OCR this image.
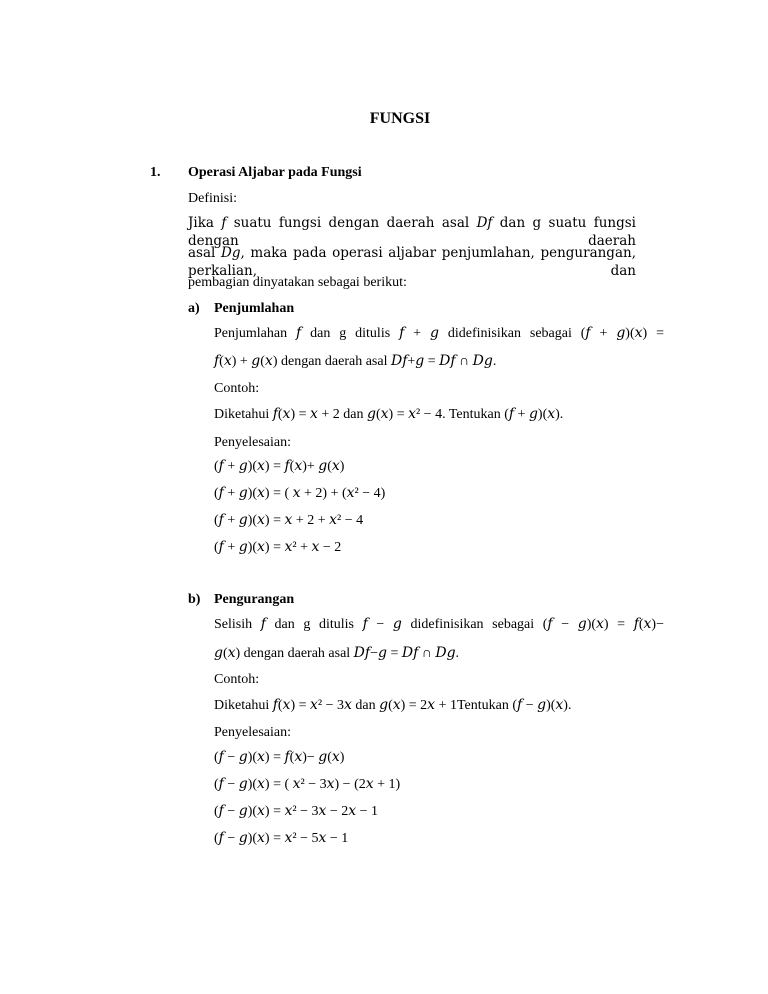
FUNGSI
1. Operasi Aljabar pada Fungsi
Definisi:
Jika 𝑓 suatu fungsi dengan daerah asal 𝐷𝑓 dan g suatu fungsi dengan daerah
asal 𝐷𝑔, maka pada operasi aljabar penjumlahan, pengurangan, perkalian, dan
pembagian dinyatakan sebagai berikut:
a) Penjumlahan
Penjumlahan 𝑓 dan g ditulis 𝑓 + 𝑔 didefinisikan sebagai (𝑓 + 𝑔)(𝑥) =
𝑓(𝑥) + 𝑔(𝑥) dengan daerah asal 𝐷𝑓+𝑔 = 𝐷𝑓 ∩ 𝐷𝑔.
Contoh:
Diketahui 𝑓(𝑥) = 𝑥 + 2 dan 𝑔(𝑥) = 𝑥² − 4. Tentukan (𝑓 + 𝑔)(𝑥).
Penyelesaian:
(𝑓 + 𝑔)(𝑥) = 𝑓(𝑥)+ 𝑔(𝑥)
(𝑓 + 𝑔)(𝑥) = ( 𝑥 + 2) + (𝑥² − 4)
(𝑓 + 𝑔)(𝑥) = 𝑥 + 2 + 𝑥² − 4
(𝑓 + 𝑔)(𝑥) = 𝑥² + 𝑥 − 2
b) Pengurangan
Selisih 𝑓 dan g ditulis 𝑓 − 𝑔 didefinisikan sebagai (𝑓 − 𝑔)(𝑥) = 𝑓(𝑥)−
𝑔(𝑥) dengan daerah asal 𝐷𝑓−𝑔 = 𝐷𝑓 ∩ 𝐷𝑔.
Contoh:
Diketahui 𝑓(𝑥) = 𝑥² − 3𝑥 dan 𝑔(𝑥) = 2𝑥 + 1Tentukan (𝑓 − 𝑔)(𝑥).
Penyelesaian:
(𝑓 − 𝑔)(𝑥) = 𝑓(𝑥)− 𝑔(𝑥)
(𝑓 − 𝑔)(𝑥) = ( 𝑥² − 3𝑥) − (2𝑥 + 1)
(𝑓 − 𝑔)(𝑥) = 𝑥² − 3𝑥 − 2𝑥 − 1
(𝑓 − 𝑔)(𝑥) = 𝑥² − 5𝑥 − 1
